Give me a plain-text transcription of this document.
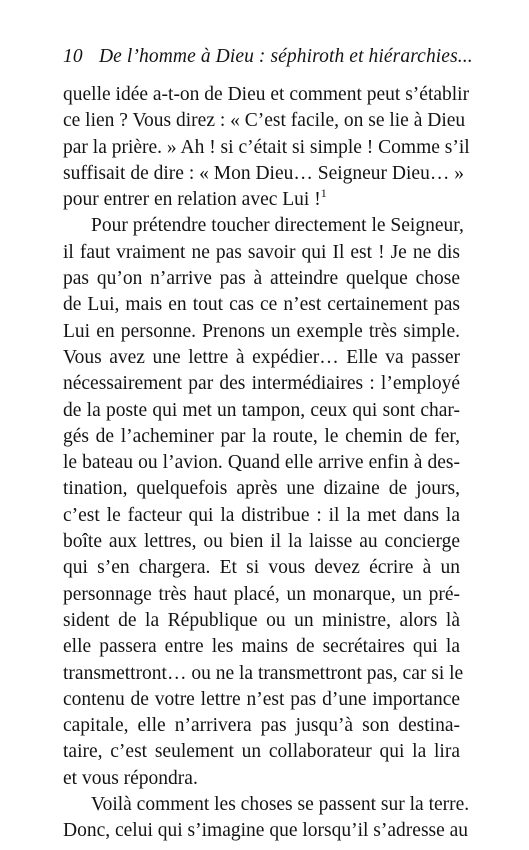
10 De l’homme à Dieu : séphiroth et hiérarchies...

quelle idée a-t-on de Dieu et comment peut s’établir
ce lien ? Vous direz : « C’est facile, on se lie à Dieu
par la prière. » Ah ! si c’était si simple ! Comme s’il
suffisait de dire : « Mon Dieu… Seigneur Dieu… »
pour entrer en relation avec Lui !$^1$

Pour prétendre toucher directement le Seigneur,
il faut vraiment ne pas savoir qui Il est ! Je ne dis
pas qu’on n’arrive pas à atteindre quelque chose
de Lui, mais en tout cas ce n’est certainement pas
Lui en personne. Prenons un exemple très simple.
Vous avez une lettre à expédier… Elle va passer
nécessairement par des intermédiaires : l’employé
de la poste qui met un tampon, ceux qui sont char-
gés de l’acheminer par la route, le chemin de fer,
le bateau ou l’avion. Quand elle arrive enfin à des-
tination, quelquefois après une dizaine de jours,
c’est le facteur qui la distribue : il la met dans la
boîte aux lettres, ou bien il la laisse au concierge
qui s’en chargera. Et si vous devez écrire à un
personnage très haut placé, un monarque, un pré-
sident de la République ou un ministre, alors là
elle passera entre les mains de secrétaires qui la
transmettront… ou ne la transmettront pas, car si le
contenu de votre lettre n’est pas d’une importance
capitale, elle n’arrivera pas jusqu’à son destina-
taire, c’est seulement un collaborateur qui la lira
et vous répondra.

Voilà comment les choses se passent sur la terre.
Donc, celui qui s’imagine que lorsqu’il s’adresse au
